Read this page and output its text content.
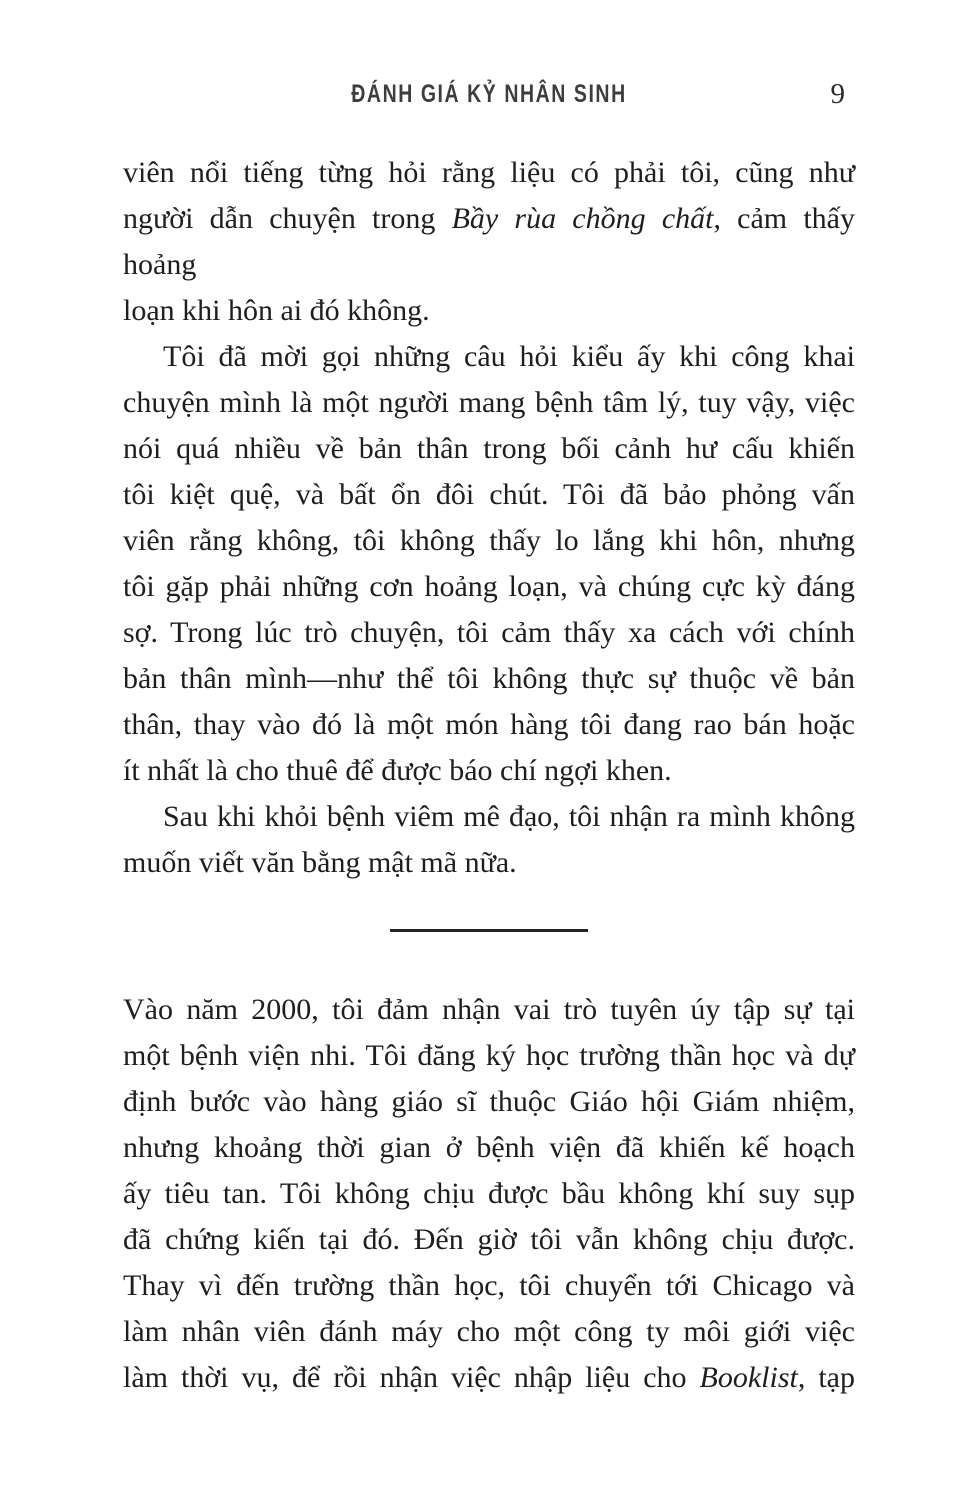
ĐÁNH GIÁ KỶ NHÂN SINH	9
viên nổi tiếng từng hỏi rằng liệu có phải tôi, cũng như
người dẫn chuyện trong Bầy rùa chồng chất, cảm thấy hoảng
loạn khi hôn ai đó không.
Tôi đã mời gọi những câu hỏi kiểu ấy khi công khai
chuyện mình là một người mang bệnh tâm lý, tuy vậy, việc
nói quá nhiều về bản thân trong bối cảnh hư cấu khiến
tôi kiệt quệ, và bất ổn đôi chút. Tôi đã bảo phỏng vấn
viên rằng không, tôi không thấy lo lắng khi hôn, nhưng
tôi gặp phải những cơn hoảng loạn, và chúng cực kỳ đáng
sợ. Trong lúc trò chuyện, tôi cảm thấy xa cách với chính
bản thân mình—như thể tôi không thực sự thuộc về bản
thân, thay vào đó là một món hàng tôi đang rao bán hoặc
ít nhất là cho thuê để được báo chí ngợi khen.
Sau khi khỏi bệnh viêm mê đạo, tôi nhận ra mình không
muốn viết văn bằng mật mã nữa.
Vào năm 2000, tôi đảm nhận vai trò tuyên úy tập sự tại
một bệnh viện nhi. Tôi đăng ký học trường thần học và dự
định bước vào hàng giáo sĩ thuộc Giáo hội Giám nhiệm,
nhưng khoảng thời gian ở bệnh viện đã khiến kế hoạch
ấy tiêu tan. Tôi không chịu được bầu không khí suy sụp
đã chứng kiến tại đó. Đến giờ tôi vẫn không chịu được.
Thay vì đến trường thần học, tôi chuyển tới Chicago và
làm nhân viên đánh máy cho một công ty môi giới việc
làm thời vụ, để rồi nhận việc nhập liệu cho Booklist, tạp
